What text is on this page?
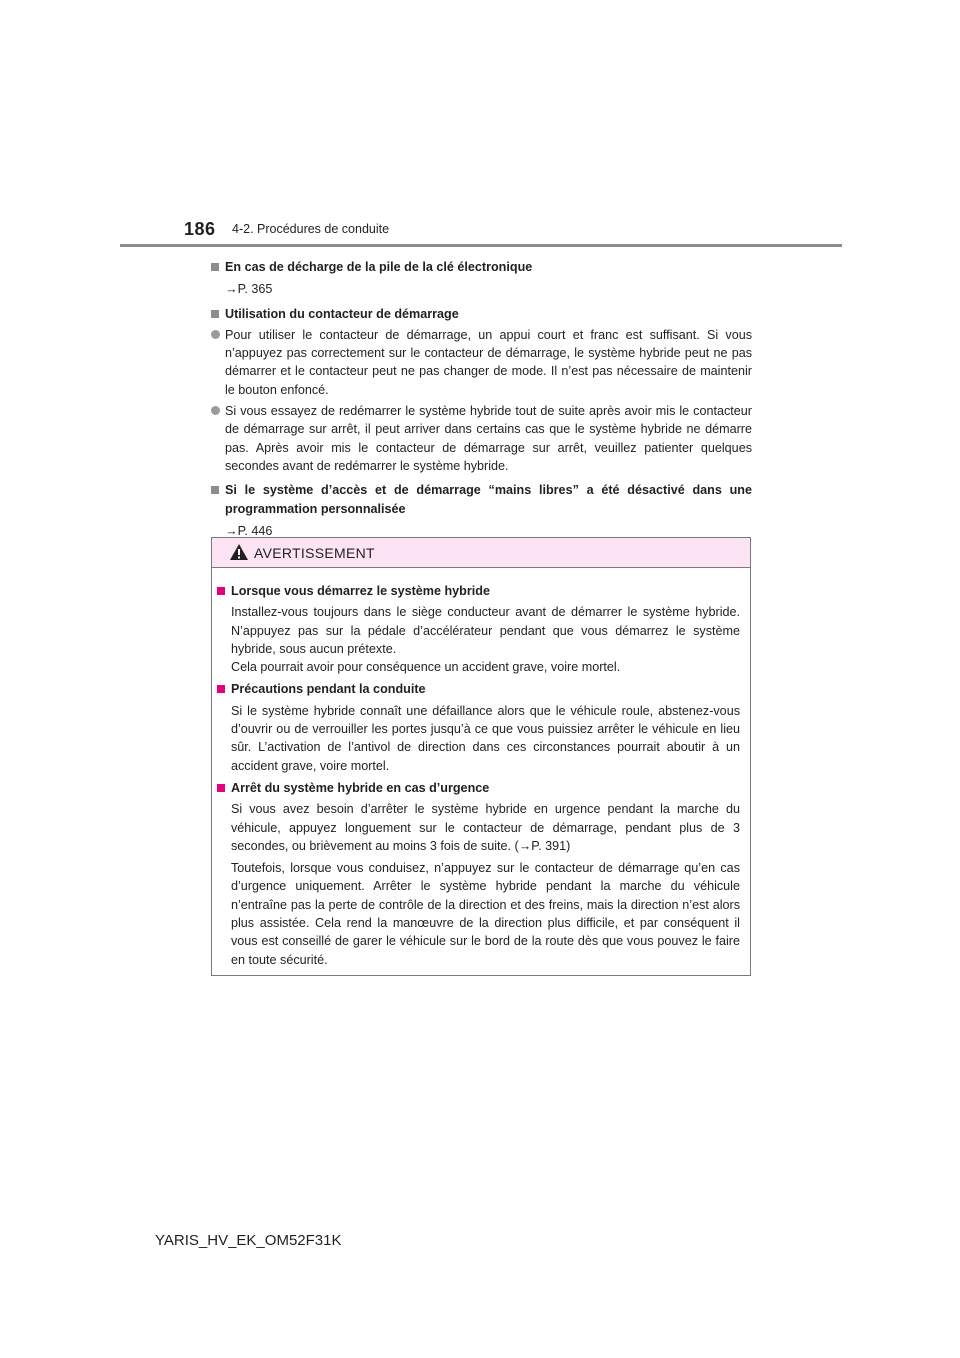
186 4-2. Procédures de conduite
En cas de décharge de la pile de la clé électronique
→P. 365
Utilisation du contacteur de démarrage
Pour utiliser le contacteur de démarrage, un appui court et franc est suffisant. Si vous n’appuyez pas correctement sur le contacteur de démarrage, le système hybride peut ne pas démarrer et le contacteur peut ne pas changer de mode. Il n’est pas nécessaire de maintenir le bouton enfoncé.
Si vous essayez de redémarrer le système hybride tout de suite après avoir mis le contacteur de démarrage sur arrêt, il peut arriver dans certains cas que le système hybride ne démarre pas. Après avoir mis le contacteur de démarrage sur arrêt, veuillez patienter quelques secondes avant de redémarrer le système hybride.
Si le système d’accès et de démarrage “mains libres” a été désactivé dans une programmation personnalisée
→P. 446
AVERTISSEMENT
Lorsque vous démarrez le système hybride
Installez-vous toujours dans le siège conducteur avant de démarrer le système hybride. N’appuyez pas sur la pédale d’accélérateur pendant que vous démarrez le système hybride, sous aucun prétexte.
Cela pourrait avoir pour conséquence un accident grave, voire mortel.
Précautions pendant la conduite
Si le système hybride connaît une défaillance alors que le véhicule roule, abstenez-vous d’ouvrir ou de verrouiller les portes jusqu’à ce que vous puissiez arrêter le véhicule en lieu sûr. L’activation de l’antivol de direction dans ces circonstances pourrait aboutir à un accident grave, voire mortel.
Arrêt du système hybride en cas d’urgence
Si vous avez besoin d’arrêter le système hybride en urgence pendant la marche du véhicule, appuyez longuement sur le contacteur de démarrage, pendant plus de 3 secondes, ou brièvement au moins 3 fois de suite. (→P. 391)
Toutefois, lorsque vous conduisez, n’appuyez sur le contacteur de démarrage qu’en cas d’urgence uniquement. Arrêter le système hybride pendant la marche du véhicule n’entraîne pas la perte de contrôle de la direction et des freins, mais la direction n’est alors plus assistée. Cela rend la manœuvre de la direction plus difficile, et par conséquent il vous est conseillé de garer le véhicule sur le bord de la route dès que vous pouvez le faire en toute sécurité.
YARIS_HV_EK_OM52F31K
